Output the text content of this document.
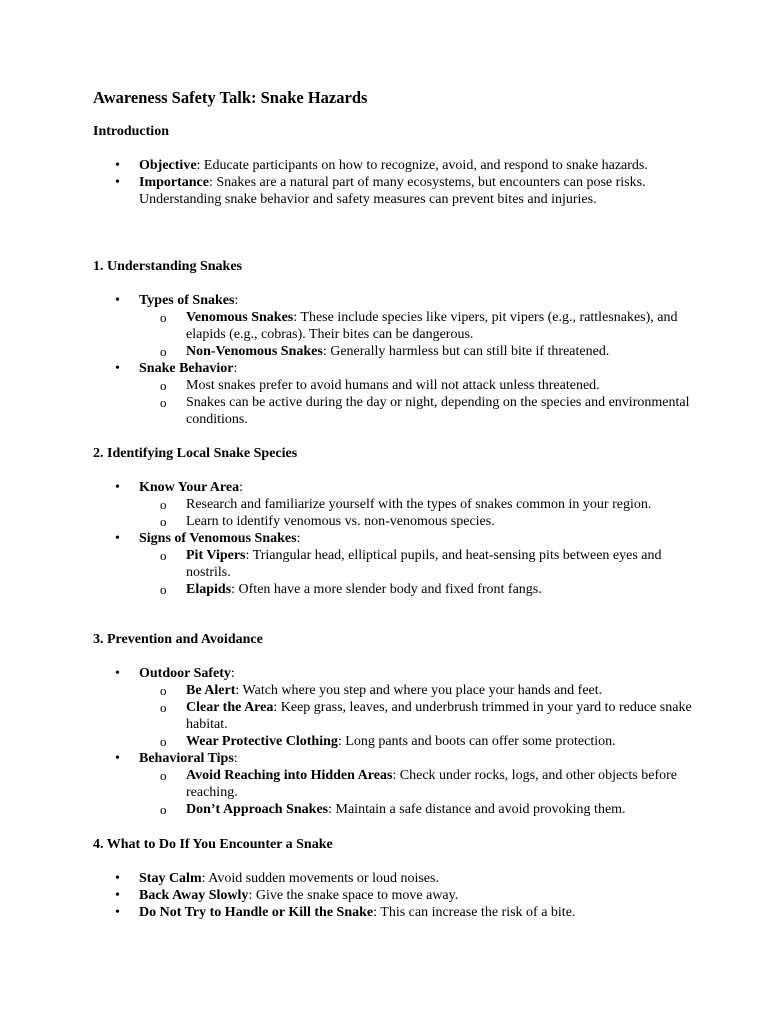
Awareness Safety Talk: Snake Hazards
Introduction
• Objective: Educate participants on how to recognize, avoid, and respond to snake hazards.
• Importance: Snakes are a natural part of many ecosystems, but encounters can pose risks. Understanding snake behavior and safety measures can prevent bites and injuries.
1. Understanding Snakes
• Types of Snakes:
o Venomous Snakes: These include species like vipers, pit vipers (e.g., rattlesnakes), and elapids (e.g., cobras). Their bites can be dangerous.
o Non-Venomous Snakes: Generally harmless but can still bite if threatened.
• Snake Behavior:
o Most snakes prefer to avoid humans and will not attack unless threatened.
o Snakes can be active during the day or night, depending on the species and environmental conditions.
2. Identifying Local Snake Species
• Know Your Area:
o Research and familiarize yourself with the types of snakes common in your region.
o Learn to identify venomous vs. non-venomous species.
• Signs of Venomous Snakes:
o Pit Vipers: Triangular head, elliptical pupils, and heat-sensing pits between eyes and nostrils.
o Elapids: Often have a more slender body and fixed front fangs.
3. Prevention and Avoidance
• Outdoor Safety:
o Be Alert: Watch where you step and where you place your hands and feet.
o Clear the Area: Keep grass, leaves, and underbrush trimmed in your yard to reduce snake habitat.
o Wear Protective Clothing: Long pants and boots can offer some protection.
• Behavioral Tips:
o Avoid Reaching into Hidden Areas: Check under rocks, logs, and other objects before reaching.
o Don’t Approach Snakes: Maintain a safe distance and avoid provoking them.
4. What to Do If You Encounter a Snake
• Stay Calm: Avoid sudden movements or loud noises.
• Back Away Slowly: Give the snake space to move away.
• Do Not Try to Handle or Kill the Snake: This can increase the risk of a bite.
